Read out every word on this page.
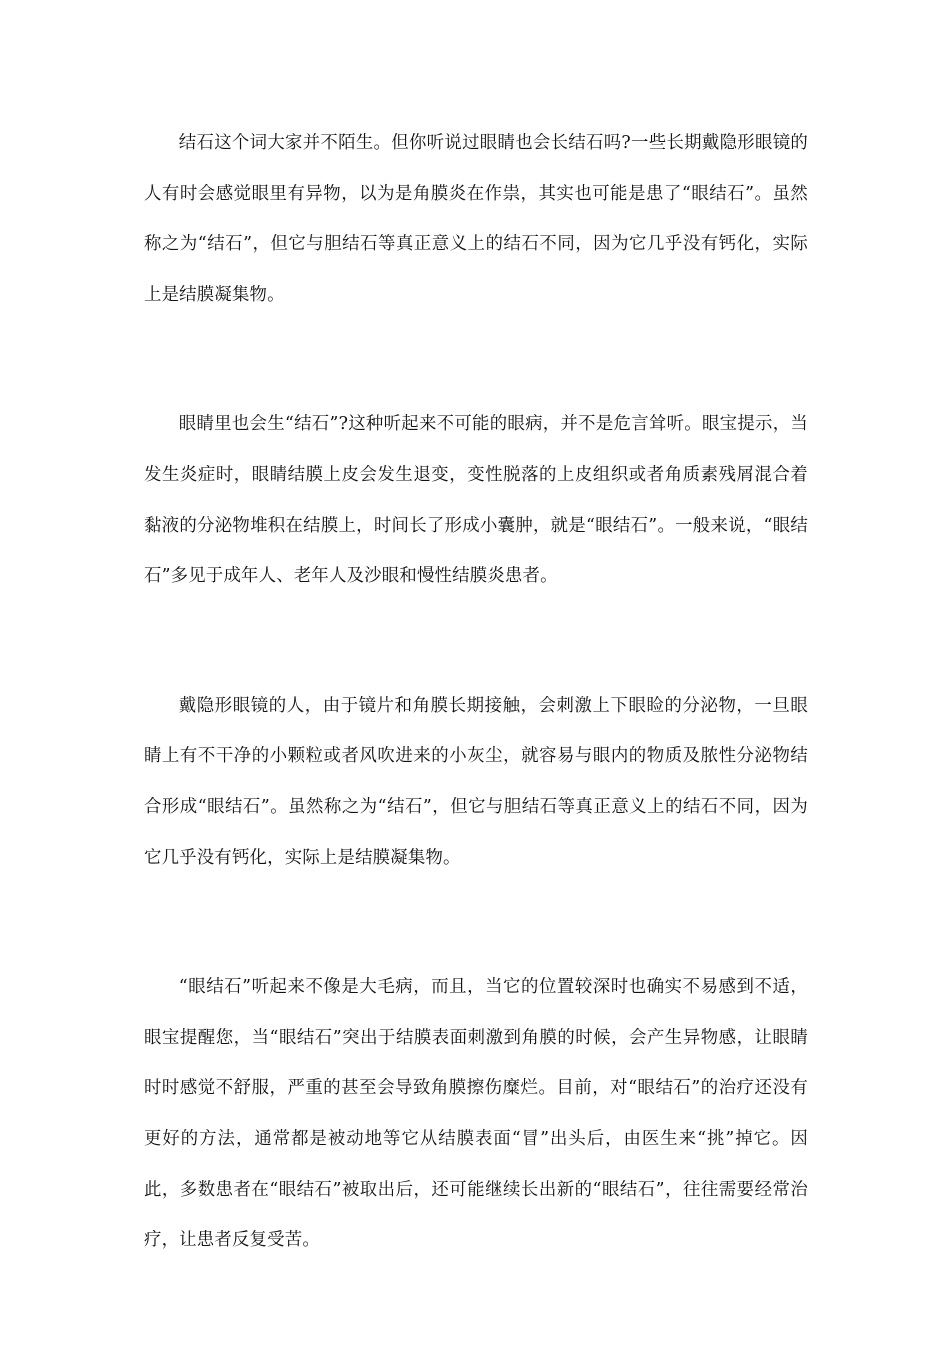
结石这个词大家并不陌生。但你听说过眼睛也会长结石吗?一些长期戴隐形眼镜的人有时会感觉眼里有异物，以为是角膜炎在作祟，其实也可能是患了“眼结石”。虽然称之为“结石”，但它与胆结石等真正意义上的结石不同，因为它几乎没有钙化，实际上是结膜凝集物。

眼睛里也会生“结石”?这种听起来不可能的眼病，并不是危言耸听。眼宝提示，当发生炎症时，眼睛结膜上皮会发生退变，变性脱落的上皮组织或者角质素残屑混合着黏液的分泌物堆积在结膜上，时间长了形成小囊肿，就是“眼结石”。一般来说，“眼结石”多见于成年人、老年人及沙眼和慢性结膜炎患者。

戴隐形眼镜的人，由于镜片和角膜长期接触，会刺激上下眼睑的分泌物，一旦眼睛上有不干净的小颗粒或者风吹进来的小灰尘，就容易与眼内的物质及脓性分泌物结合形成“眼结石”。虽然称之为“结石”，但它与胆结石等真正意义上的结石不同，因为它几乎没有钙化，实际上是结膜凝集物。

“眼结石”听起来不像是大毛病，而且，当它的位置较深时也确实不易感到不适，眼宝提醒您，当“眼结石”突出于结膜表面刺激到角膜的时候，会产生异物感，让眼睛时时感觉不舒服，严重的甚至会导致角膜擦伤糜烂。目前，对“眼结石”的治疗还没有更好的方法，通常都是被动地等它从结膜表面“冒”出头后，由医生来“挑”掉它。因此，多数患者在“眼结石”被取出后，还可能继续长出新的“眼结石”，往往需要经常治疗，让患者反复受苦。
